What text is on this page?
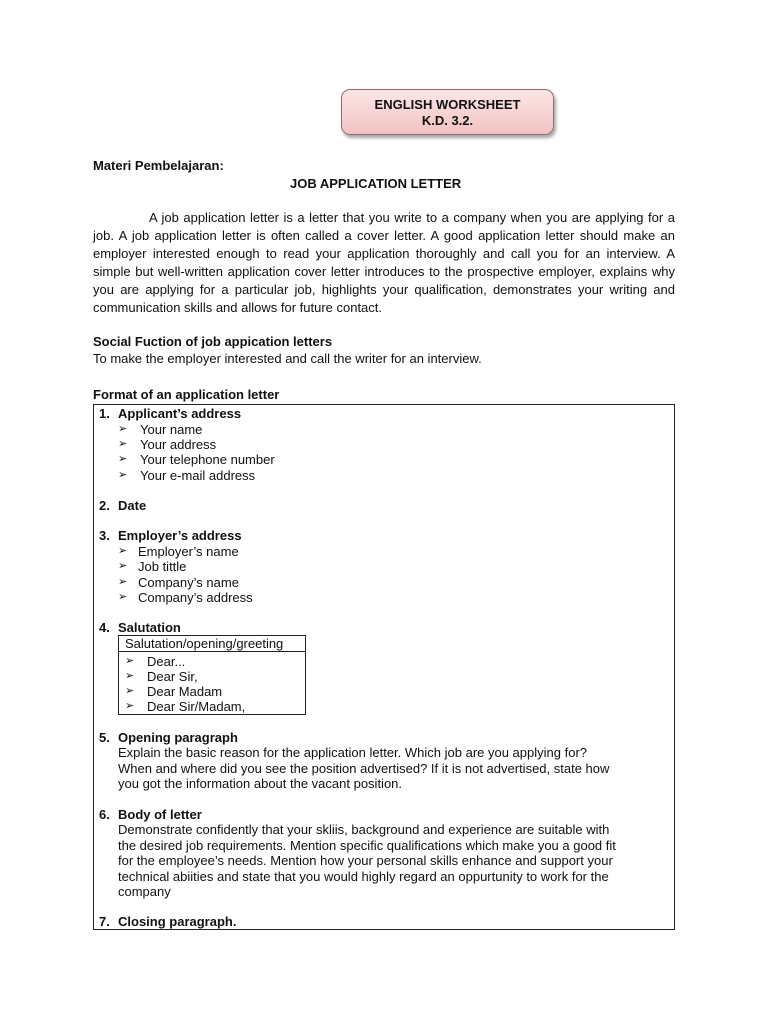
ENGLISH WORKSHEET
K.D. 3.2.
Materi Pembelajaran:
JOB APPLICATION LETTER
A job application letter is a letter that you write to a company when you are applying for a job. A job application letter is often called a cover letter. A good application letter should make an employer interested enough to read your application thoroughly and call you for an interview. A simple but well-written application cover letter introduces to the prospective employer, explains why you are applying for a particular job, highlights your qualification, demonstrates your writing and communication skills and allows for future contact.
Social Fuction of job appication letters
To make the employer interested and call the writer for an interview.
Format of an application letter
1. Applicant’s address
➢ Your name
➢ Your address
➢ Your telephone number
➢ Your e-mail address
2. Date
3. Employer’s address
➢ Employer’s name
➢ Job tittle
➢ Company’s name
➢ Company’s address
4. Salutation
Salutation/opening/greeting
➢ Dear...
➢ Dear Sir,
➢ Dear Madam
➢ Dear Sir/Madam,
5. Opening paragraph
Explain the basic reason for the application letter. Which job are you applying for?
When and where did you see the position advertised? If it is not advertised, state how
you got the information about the vacant position.
6. Body of letter
Demonstrate confidently that your skliis, background and experience are suitable with
the desired job requirements. Mention specific qualifications which make you a good fit
for the employee’s needs. Mention how your personal skills enhance and support your
technical abiities and state that you would highly regard an oppurtunity to work for the
company
7. Closing paragraph.
